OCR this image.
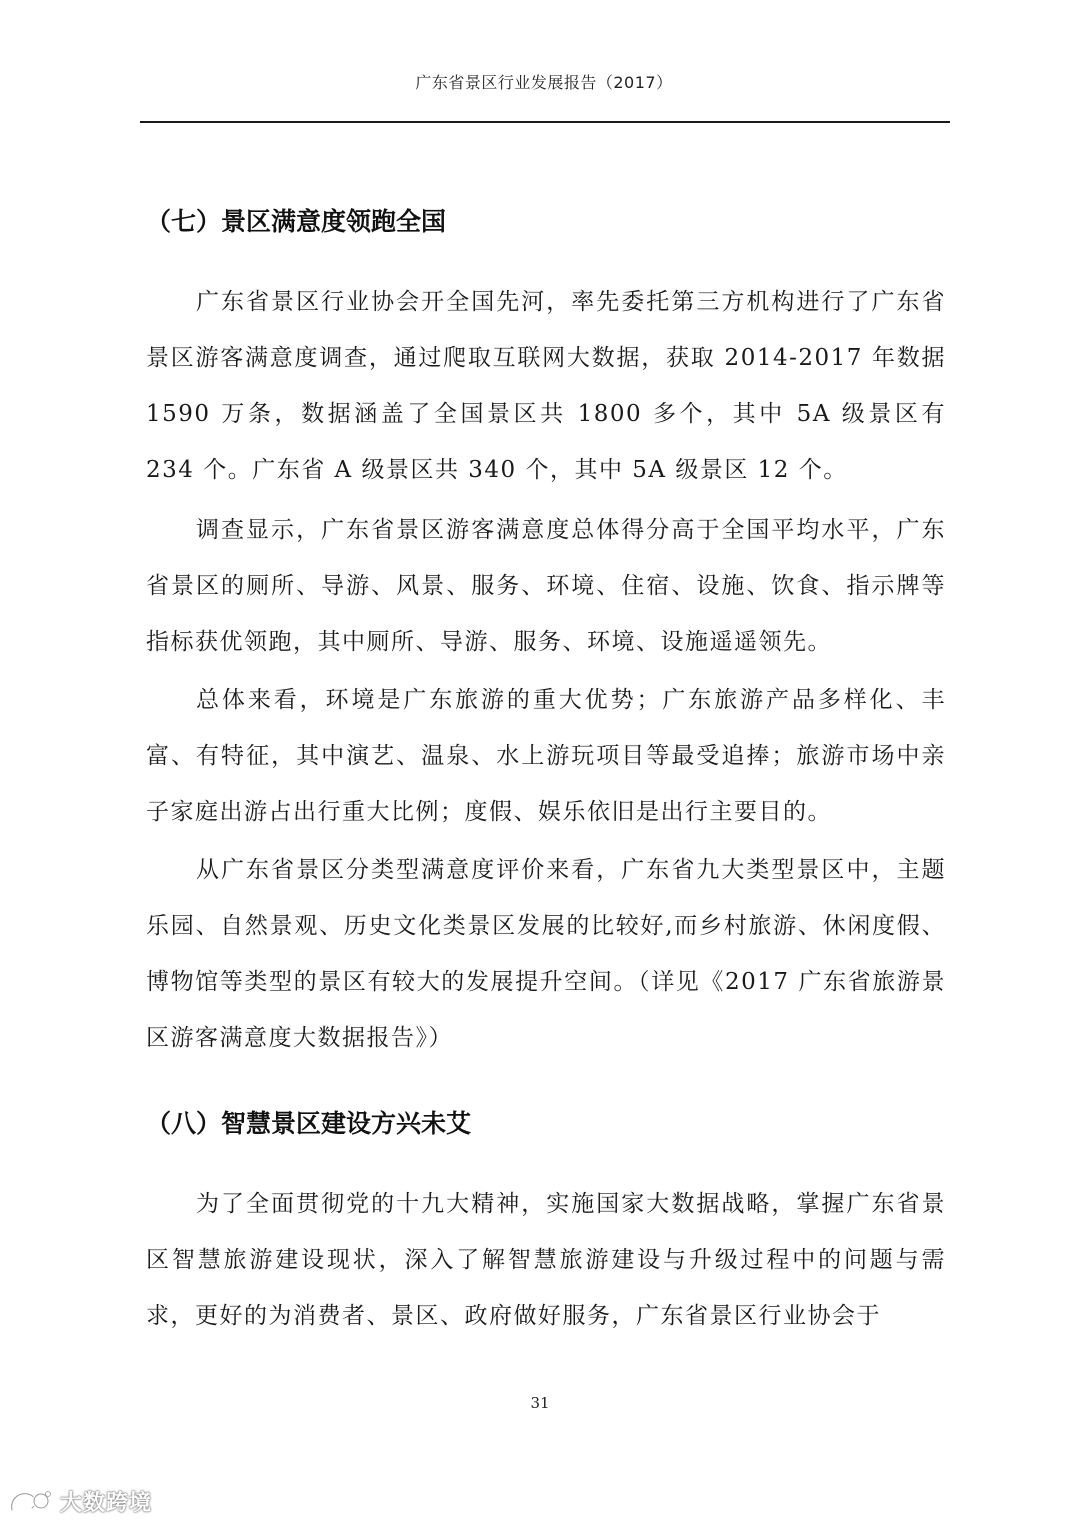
广东省景区行业发展报告（2017）
（七）景区满意度领跑全国
广东省景区行业协会开全国先河，率先委托第三方机构进行了广东省景区游客满意度调查，通过爬取互联网大数据，获取 2014-2017 年数据 1590 万条，数据涵盖了全国景区共 1800 多个，其中 5A 级景区有 234 个。广东省 A 级景区共 340 个，其中 5A 级景区 12 个。
调查显示，广东省景区游客满意度总体得分高于全国平均水平，广东省景区的厕所、导游、风景、服务、环境、住宿、设施、饮食、指示牌等指标获优领跑，其中厕所、导游、服务、环境、设施遥遥领先。
总体来看，环境是广东旅游的重大优势；广东旅游产品多样化、丰富、有特征，其中演艺、温泉、水上游玩项目等最受追捧；旅游市场中亲子家庭出游占出行重大比例；度假、娱乐依旧是出行主要目的。
从广东省景区分类型满意度评价来看，广东省九大类型景区中，主题乐园、自然景观、历史文化类景区发展的比较好,而乡村旅游、休闲度假、博物馆等类型的景区有较大的发展提升空间。（详见《2017 广东省旅游景区游客满意度大数据报告》）
（八）智慧景区建设方兴未艾
为了全面贯彻党的十九大精神，实施国家大数据战略，掌握广东省景区智慧旅游建设现状，深入了解智慧旅游建设与升级过程中的问题与需求，更好的为消费者、景区、政府做好服务，广东省景区行业协会于
31
大数跨境
